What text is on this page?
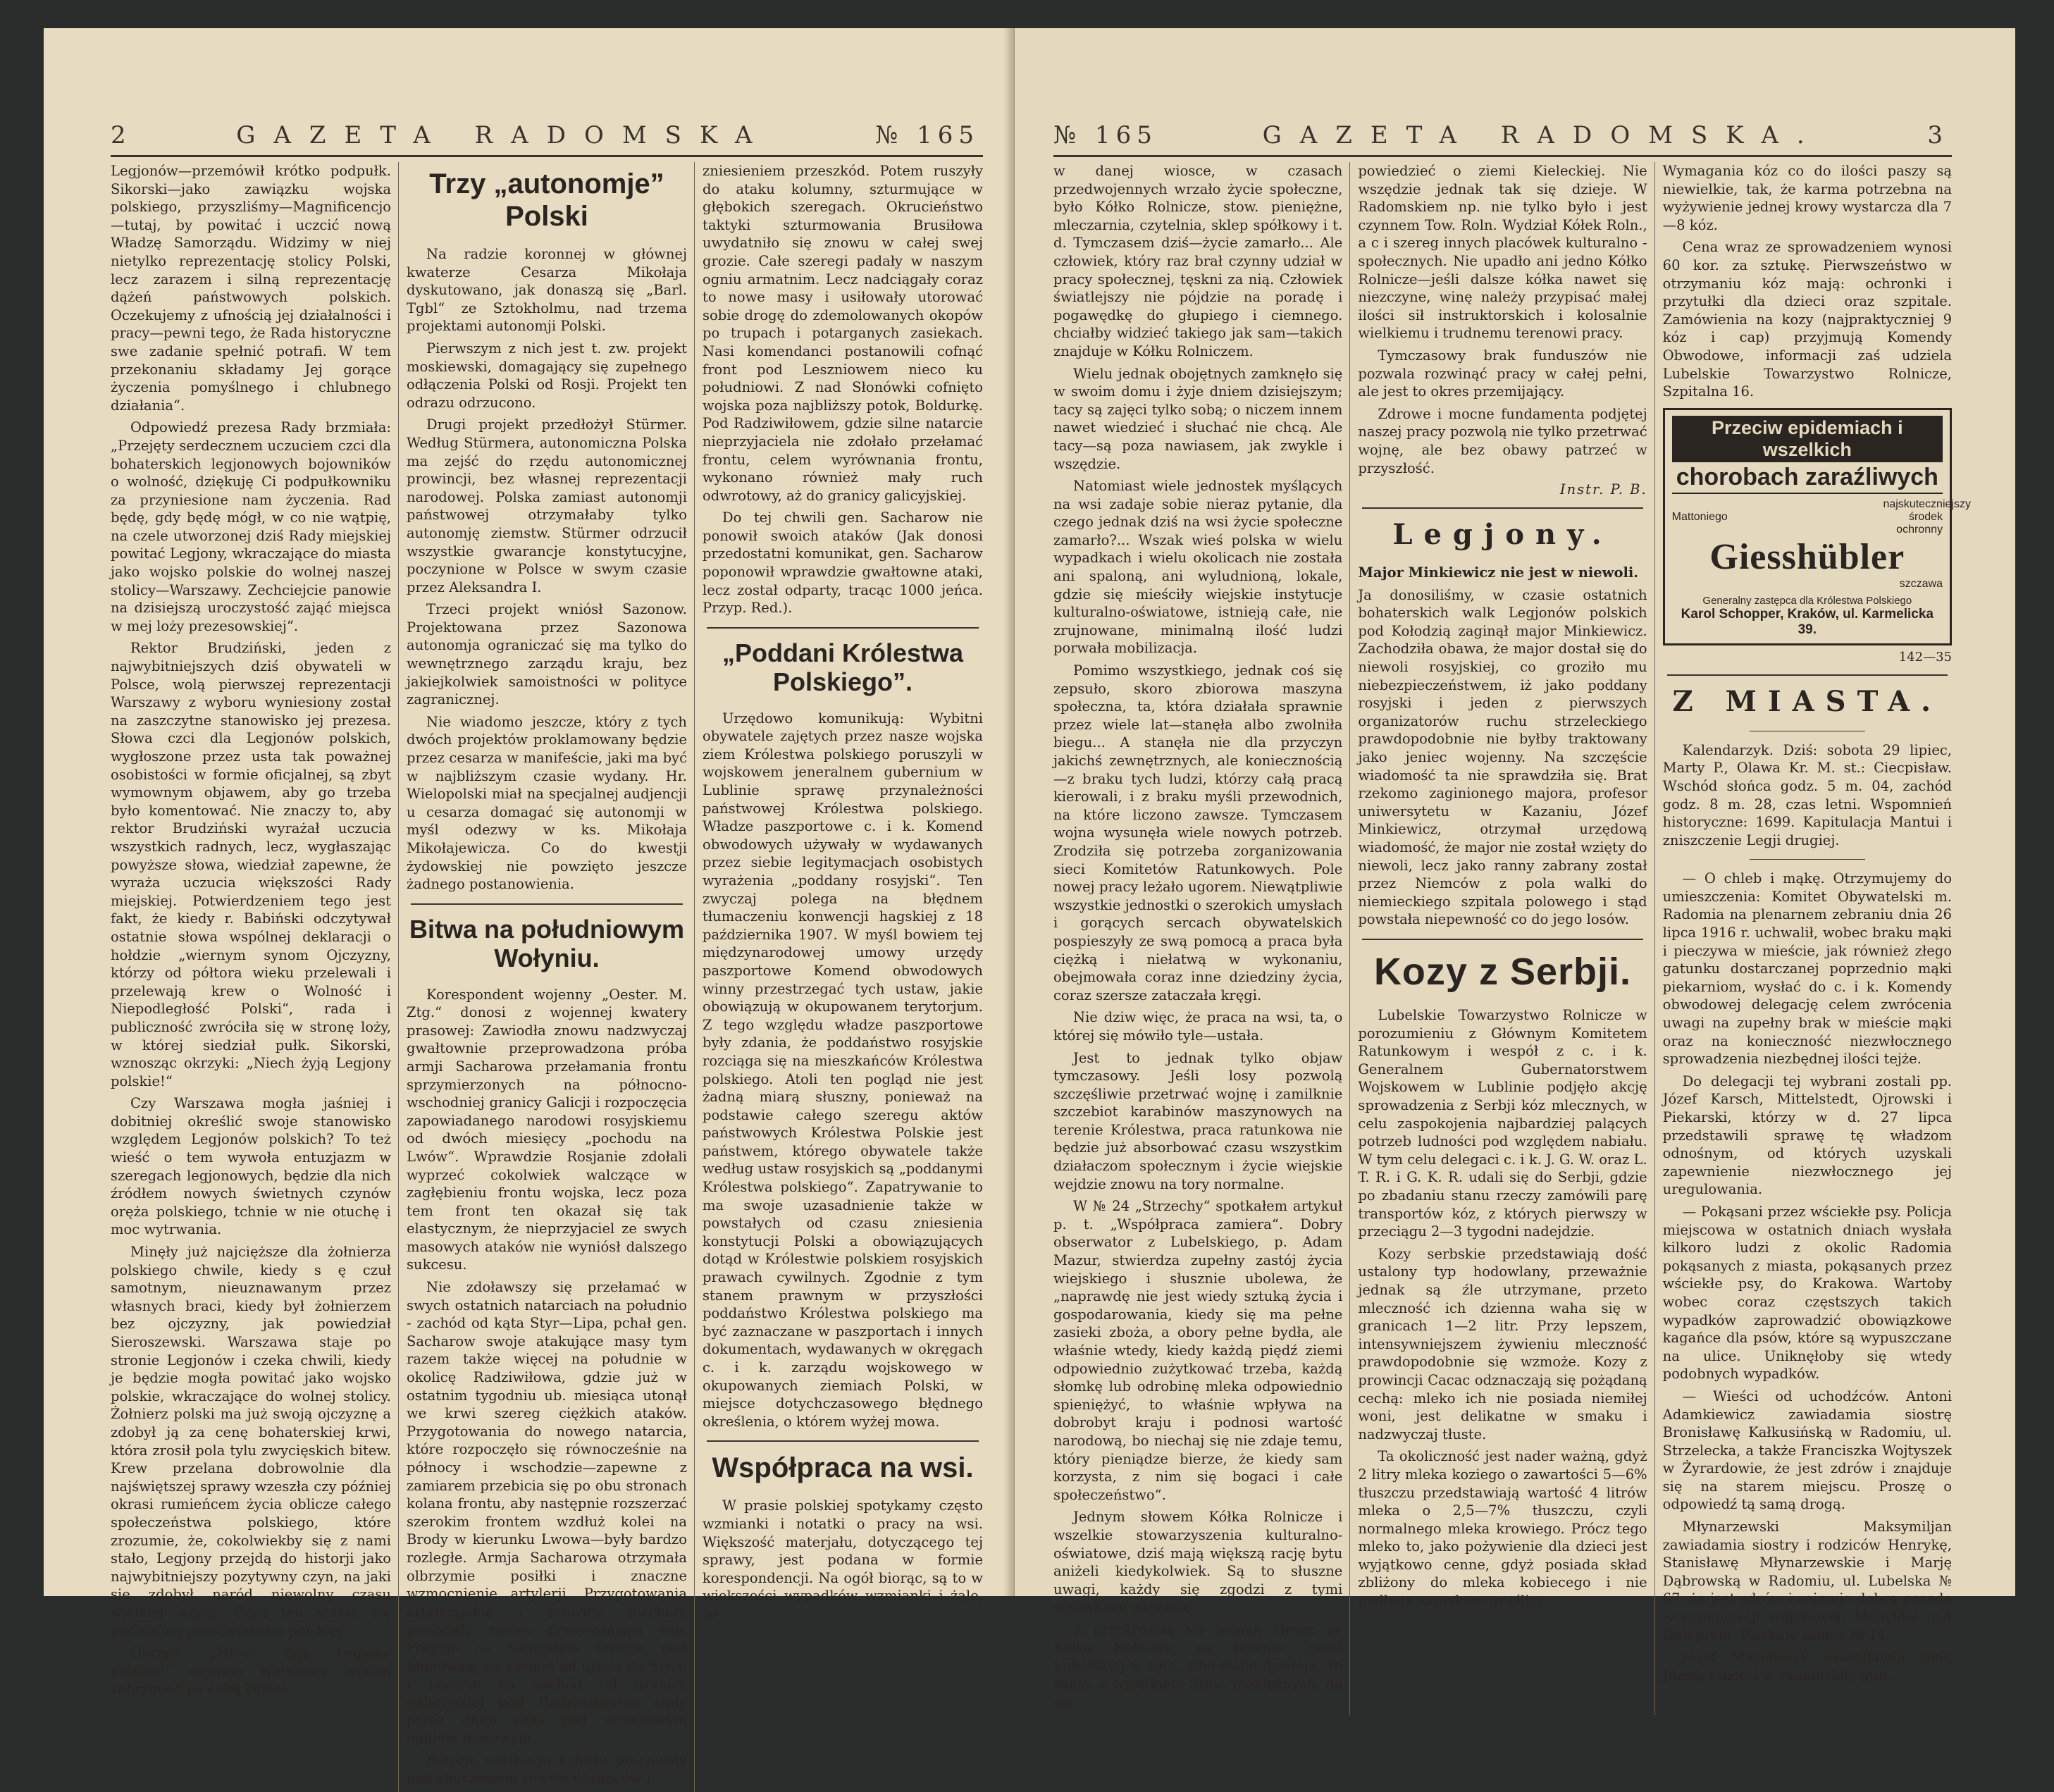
2	GAZETA RADOMSKA	№ 165

Legjonów—przemówił krótko podpułk. Sikorski—jako zawiązku wojska polskiego, przyszliśmy—Magnificencjo—tutaj, by powitać i uczcić nową Władzę Samorządu. Widzimy w niej nietylko reprezentację stolicy Polski, lecz zarazem i silną reprezentację dążeń państwowych polskich. Oczekujemy z ufnością jej działalności i pracy—pewni tego, że Rada historyczne swe zadanie spełnić potrafi. W tem przekonaniu składamy Jej gorące życzenia pomyślnego i chlubnego działania“.

Odpowiedź prezesa Rady brzmiała: „Przejęty serdecznem uczuciem czci dla bohaterskich legjonowych bojowników o wolność, dziękuję Ci podpułkowniku za przyniesione nam życzenia. Rad będę, gdy będę mógł, w co nie wątpię, na czele utworzonej dziś Rady miejskiej powitać Legjony, wkraczające do miasta jako wojsko polskie do wolnej naszej stolicy—Warszawy. Zechciejcie panowie na dzisiejszą uroczystość zająć miejsca w mej loży prezesowskiej“.

Rektor Brudziński, jeden z najwybitniejszych dziś obywateli w Polsce, wolą pierwszej reprezentacji Warszawy z wyboru wyniesiony został na zaszczytne stanowisko jej prezesa. Słowa czci dla Legjonów polskich, wygłoszone przez usta tak poważnej osobistości w formie oficjalnej, są zbyt wymownym objawem, aby go trzeba było komentować. Nie znaczy to, aby rektor Brudziński wyrażał uczucia wszystkich radnych, lecz, wygłaszając powyższe słowa, wiedział zapewne, że wyraża uczucia większości Rady miejskiej. Potwierdzeniem tego jest fakt, że kiedy r. Babiński odczytywał ostatnie słowa wspólnej deklaracji o hołdzie „wiernym synom Ojczyzny, którzy od półtora wieku przelewali i przelewają krew o Wolność i Niepodległość Polski“, rada i publiczność zwróciła się w stronę loży, w której siedział pułk. Sikorski, wznosząc okrzyki: „Niech żyją Legjony polskie!“

Czy Warszawa mogła jaśniej i dobitniej określić swoje stanowisko względem Legjonów polskich? To też wieść o tem wywoła entuzjazm w szeregach legjonowych, będzie dla nich źródłem nowych świetnych czynów oręża polskiego, tchnie w nie otuchę i moc wytrwania.

Minęły już najcięższe dla żołnierza polskiego chwile, kiedy s ę czuł samotnym, nieuznawanym przez własnych braci, kiedy był żołnierzem bez ojczyzny, jak powiedział Sieroszewski. Warszawa staje po stronie Legjonów i czeka chwili, kiedy je będzie mogła powitać jako wojsko polskie, wkraczające do wolnej stolicy. Żołnierz polski ma już swoją ojczyznę a zdobył ją za cenę bohaterskiej krwi, która zrosił pola tylu zwycięskich bitew. Krew przelana dobrowolnie dla najświętszej sprawy wzeszła czy później okrasi rumieńcem życia oblicze całego społeczeństwa polskiego, które zrozumie, że, cokolwiekby się z nami stało, Legjony przejdą do historji jako najwybitniejszy pozytywny czyn, na jaki się zdobył naród niewolny czasu wielkiej wojny. Czyn ten stanie się podwaliną państwowości polskiej.

Okrzyk: „Niech żyją Legjony polskie!“ wzorem Warszawy winien zabrzmieć po całej Polsce.

Trzy „autonomje” Polski

Na radzie koronnej w głównej kwaterze Cesarza Mikołaja dyskutowano, jak donaszą się „Barl. Tgbl“ ze Sztokholmu, nad trzema projektami autonomji Polski.

Pierwszym z nich jest t. zw. projekt moskiewski, domagający się zupełnego odłączenia Polski od Rosji. Projekt ten odrazu odrzucono.

Drugi projekt przedłożył Stürmer. Według Stürmera, autonomiczna Polska ma zejść do rzędu autonomicznej prowincji, bez własnej reprezentacji narodowej. Polska zamiast autonomji państwowej otrzymałaby tylko autonomję ziemstw. Stürmer odrzucił wszystkie gwarancje konstytucyjne, poczynione w Polsce w swym czasie przez Aleksandra I.

Trzeci projekt wniósł Sazonow. Projektowana przez Sazonowa autonomja ograniczać się ma tylko do wewnętrznego zarządu kraju, bez jakiejkolwiek samoistności w polityce zagranicznej.

Nie wiadomo jeszcze, który z tych dwóch projektów proklamowany będzie przez cesarza w manifeście, jaki ma być w najbliższym czasie wydany. Hr. Wielopolski miał na specjalnej audjencji u cesarza domagać się autonomji w myśl odezwy w ks. Mikołaja Mikołajewicza. Co do kwestji żydowskiej nie powzięto jeszcze żadnego postanowienia.

Bitwa na południowym Wołyniu.

Korespondent wojenny „Oester. M. Ztg.“ donosi z wojennej kwatery prasowej: Zawiodła znowu nadzwyczaj gwałtownie przeprowadzona próba armji Sacharowa przełamania frontu sprzymierzonych na północno-wschodniej granicy Galicji i rozpoczęcia zapowiadanego narodowi rosyjskiemu od dwóch miesięcy „pochodu na Lwów“. Wprawdzie Rosjanie zdołali wyprzeć cokolwiek walczące w zagłębieniu frontu wojska, lecz poza tem front ten okazał się tak elastycznym, że nieprzyjaciel ze swych masowych ataków nie wyniósł dalszego sukcesu.

Nie zdoławszy się przełamać w swych ostatnich natarciach na południo - zachód od kąta Styr—Lipa, pchał gen. Sacharow swoje atakujące masy tym razem także więcej na południe w okolicę Radziwiłowa, gdzie już w ostatnim tygodniu ub. miesiąca utonął we krwi szereg ciężkich ataków. Przygotowania do nowego natarcia, które rozpoczęło się równocześnie na północy i wschodzie—zapewne z zamiarem przebicia się po obu stronach kolana frontu, aby następnie rozszerzać szerokim frontem wzdłuż kolei na Brody w kierunku Lwowa—były bardzo rozległe. Armja Sacharowa otrzymała olbrzymie posiłki i znaczne wzmocnienie artylerji. Przygotowania artyleryjskie i szturmy piechoty posiadały znowu przeważającą siłę. Pozycje na bagnistym terenie nad Słonówką, na zachód od ujścia do Styru i pozycje na zachód od granicy galicyjskiej pod Radziwiłowem stały przez długi czas pod straszliwym ogniem masowym.

Baterje wielkiego kolibru pracowały nad zburzeniem rowów obrońców i

zniesieniem przeszkód. Potem ruszyły do ataku kolumny, szturmujące w głębokich szeregach. Okrucieństwo taktyki szturmowania Brusiłowa uwydatniło się znowu w całej swej grozie. Całe szeregi padały w naszym ogniu armatnim. Lecz nadciągały coraz to nowe masy i usiłowały utorować sobie drogę do zdemolowanych okopów po trupach i potarganych zasiekach. Nasi komendanci postanowili cofnąć front pod Leszniowem nieco ku południowi. Z nad Słonówki cofnięto wojska poza najbliższy potok, Boldurkę. Pod Radziwiłowem, gdzie silne natarcie nieprzyjaciela nie zdołało przełamać frontu, celem wyrównania frontu, wykonano również mały ruch odwrotowy, aż do granicy galicyjskiej.

Do tej chwili gen. Sacharow nie ponowił swoich ataków (Jak donosi przedostatni komunikat, gen. Sacharow poponowił wprawdzie gwałtowne ataki, lecz został odparty, tracąc 1000 jeńca. Przyp. Red.).

„Poddani Królestwa Polskiego”.

Urzędowo komunikują: Wybitni obywatele zajętych przez nasze wojska ziem Królestwa polskiego poruszyli w wojskowem jeneralnem gubernium w Lublinie sprawę przynależności państwowej Królestwa polskiego. Władze paszportowe c. i k. Komend obwodowych używały w wydawanych przez siebie legitymacjach osobistych wyrażenia „poddany rosyjski“. Ten zwyczaj polega na błędnem tłumaczeniu konwencji hagskiej z 18 października 1907. W myśl bowiem tej międzynarodowej umowy urzędy paszportowe Komend obwodowych winny przestrzegać tych ustaw, jakie obowiązują w okupowanem terytorjum. Z tego względu władze paszportowe były zdania, że poddaństwo rosyjskie rozciąga się na mieszkańców Królestwa polskiego. Atoli ten pogląd nie jest żadną miarą słuszny, ponieważ na podstawie całego szeregu aktów państwowych Królestwa Polskie jest państwem, którego obywatele także według ustaw rosyjskich są „poddanymi Królestwa polskiego“. Zapatrywanie to ma swoje uzasadnienie także w powstałych od czasu zniesienia konstytucji Polski a obowiązujących dotąd w Królestwie polskiem rosyjskich prawach cywilnych. Zgodnie z tym stanem prawnym w przyszłości poddaństwo Królestwa polskiego ma być zaznaczane w paszportach i innych dokumentach, wydawanych w okręgach c. i k. zarządu wojskowego w okupowanych ziemiach Polski, w miejsce dotychczasowego błędnego określenia, o którem wyżej mowa.

Współpraca na wsi.

W prasie polskiej spotykamy często wzmianki i notatki o pracy na wsi. Większość materjału, dotyczącego tej sprawy, jest podana w formie korespondencji. Na ogół biorąc, są to w większości wypadków wzmianki i żale, że

№ 165	GAZETA RADOMSKA.	3

w danej wiosce, w czasach przedwojennych wrzało życie społeczne, było Kółko Rolnicze, stow. pieniężne, mleczarnia, czytelnia, sklep spółkowy i t. d. Tymczasem dziś—życie zamarło... Ale człowiek, który raz brał czynny udział w pracy społecznej, tęskni za nią. Człowiek światlejszy nie pójdzie na poradę i pogawędkę do głupiego i ciemnego. chciałby widzieć takiego jak sam—takich znajduje w Kółku Rolniczem.

Wielu jednak obojętnych zamknęło się w swoim domu i żyje dniem dzisiejszym; tacy są zajęci tylko sobą; o niczem innem nawet wiedzieć i słuchać nie chcą. Ale tacy—są poza nawiasem, jak zwykle i wszędzie.

Natomiast wiele jednostek myślących na wsi zadaje sobie nieraz pytanie, dla czego jednak dziś na wsi życie społeczne zamarło?... Wszak wieś polska w wielu wypadkach i wielu okolicach nie została ani spaloną, ani wyludnioną, lokale, gdzie się mieściły wiejskie instytucje kulturalno-oświatowe, istnieją całe, nie zrujnowane, minimalną ilość ludzi porwała mobilizacja.

Pomimo wszystkiego, jednak coś się zepsuło, skoro zbiorowa maszyna społeczna, ta, która działała sprawnie przez wiele lat—stanęła albo zwolniła biegu... A stanęła nie dla przyczyn jakichś zewnętrznych, ale koniecznością—z braku tych ludzi, którzy całą pracą kierowali, i z braku myśli przewodnich, na które liczono zawsze. Tymczasem wojna wysunęła wiele nowych potrzeb. Zrodziła się potrzeba zorganizowania sieci Komitetów Ratunkowych. Pole nowej pracy leżało ugorem. Niewątpliwie wszystkie jednostki o szerokich umysłach i gorących sercach obywatelskich pospieszyły ze swą pomocą a praca była ciężką i niełatwą w wykonaniu, obejmowała coraz inne dziedziny życia, coraz szersze zataczała kręgi.

Nie dziw więc, że praca na wsi, ta, o której się mówiło tyle—ustała.

Jest to jednak tylko objaw tymczasowy. Jeśli losy pozwolą szczęśliwie przetrwać wojnę i zamilknie szczebiot karabinów maszynowych na terenie Królestwa, praca ratunkowa nie będzie już absorbować czasu wszystkim działaczom społecznym i życie wiejskie wejdzie znowu na tory normalne.

W № 24 „Strzechy“ spotkałem artykuł p. t. „Współpraca zamiera“. Dobry obserwator z Lubelskiego, p. Adam Mazur, stwierdza zupełny zastój życia wiejskiego i słusznie ubolewa, że „naprawdę nie jest wiedy sztuką życia i gospodarowania, kiedy się ma pełne zasieki zboża, a obory pełne bydła, ale właśnie wtedy, kiedy każdą piędź ziemi odpowiednio zużytkować trzeba, każdą słomkę lub odrobinę mleka odpowiednio spieniężyć, to właśnie wpływa na dobrobyt kraju i podnosi wartość narodową, bo niechaj się nie zdaje temu, który pieniądze bierze, że kiedy sam korzysta, z nim się bogaci i całe społeczeństwo“.

Jednym słowem Kółka Rolnicze i wszelkie stowarzyszenia kulturalno-oświatowe, dziś mają większą rację bytu aniżeli kiedykolwiek. Są to słuszne uwagi, każdy się zgodzi z tymi wnioskami zupełnie.

Z przykrością się jednak słyszy, że Kółka Rolnicze na terenie ziemi Lubelskiej w cale, albo słabo działają. To samo, z wyjątkiem Stow. pieniężnych, da się

powiedzieć o ziemi Kieleckiej. Nie wszędzie jednak tak się dzieje. W Radomskiem np. nie tylko było i jest czynnem Tow. Roln. Wydział Kółek Roln., a c i szereg innych placówek kulturalno - społecznych. Nie upadło ani jedno Kółko Rolnicze—jeśli dalsze kółka nawet się niezczyne, winę należy przypisać małej ilości sił instruktorskich i kolosalnie wielkiemu i trudnemu terenowi pracy.

Tymczasowy brak funduszów nie pozwala rozwinąć pracy w całej pełni, ale jest to okres przemijający.

Zdrowe i mocne fundamenta podjętej naszej pracy pozwolą nie tylko przetrwać wojnę, ale bez obawy patrzeć w przyszłość.

Instr. P. B.
Legjony.

Major Minkiewicz nie jest w niewoli.

Ja donosiliśmy, w czasie ostatnich bohaterskich walk Legjonów polskich pod Kołodzią zaginął major Minkiewicz. Zachodziła obawa, że major dostał się do niewoli rosyjskiej, co groziło mu niebezpieczeństwem, iż jako poddany rosyjski i jeden z pierwszych organizatorów ruchu strzeleckiego prawdopodobnie nie byłby traktowany jako jeniec wojenny. Na szczęście wiadomość ta nie sprawdziła się. Brat rzekomo zaginionego majora, profesor uniwersytetu w Kazaniu, Józef Minkiewicz, otrzymał urzędową wiadomość, że major nie został wzięty do niewoli, lecz jako ranny zabrany został przez Niemców z pola walki do niemieckiego szpitala polowego i stąd powstała niepewność co do jego losów.

Kozy z Serbji.

Lubelskie Towarzystwo Rolnicze w porozumieniu z Głównym Komitetem Ratunkowym i wespół z c. i k. Generalnem Gubernatorstwem Wojskowem w Lublinie podjęło akcję sprowadzenia z Serbji kóz mlecznych, w celu zaspokojenia najbardziej palących potrzeb ludności pod względem nabiału. W tym celu delegaci c. i k. J. G. W. oraz L. T. R. i G. K. R. udali się do Serbji, gdzie po zbadaniu stanu rzeczy zamówili parę transportów kóz, z których pierwszy w przeciągu 2—3 tygodni nadejdzie.

Kozy serbskie przedstawiają dość ustalony typ hodowlany, przeważnie jednak są źle utrzymane, przeto mleczność ich dzienna waha się w granicach 1—2 litr. Przy lepszem, intensywniejszem żywieniu mleczność prawdopodobnie się wzmoże. Kozy z prowincji Cacac odznaczają się pożądaną cechą: mleko ich nie posiada niemiłej woni, jest delikatne w smaku i nadzwyczaj tłuste.

Ta okoliczność jest nader ważną, gdyż 2 litry mleka koziego o zawartości 5—6% tłuszczu przedstawiają wartość 4 litrów mleka o 2,5—7% tłuszczu, czyli normalnego mleka krowiego. Prócz tego mleko to, jako pożywienie dla dzieci jest wyjątkowo cenne, gdyż posiada skład zbliżony do mleka kobiecego i nie podlega zarazkom gruźlicy.

Wymagania kóz co do ilości paszy są niewielkie, tak, że karma potrzebna na wyżywienie jednej krowy wystarcza dla 7—8 kóz.

Cena wraz ze sprowadzeniem wynosi 60 kor. za sztukę. Pierwszeństwo w otrzymaniu kóz mają: ochronki i przytułki dla dzieci oraz szpitale. Zamówienia na kozy (najpraktyczniej 9 kóz i cap) przyjmują Komendy Obwodowe, informacji zaś udziela Lubelskie Towarzystwo Rolnicze, Szpitalna 16.

Przeciw epidemiach i wszelkich
chorobach zaraźliwych
Mattoniego
najskuteczniejszy środek ochronny
Giesshübler
szczawa
Generalny zastępca dla Królestwa Polskiego
Karol Schopper, Kraków, ul. Karmelicka 39.
142—35
Z MIASTA.

Kalendarzyk. Dziś: sobota 29 lipiec, Marty P., Olawa Kr. M. st.: Ciecpisław. Wschód słońca godz. 5 m. 04, zachód godz. 8 m. 28, czas letni. Wspomnień historyczne: 1699. Kapitulacja Mantui i zniszczenie Legji drugiej.

— O chleb i mąkę. Otrzymujemy do umieszczenia: Komitet Obywatelski m. Radomia na plenarnem zebraniu dnia 26 lipca 1916 r. uchwalił, wobec braku mąki i pieczywa w mieście, jak również złego gatunku dostarczanej poprzednio mąki piekarniom, wysłać do c. i k. Komendy obwodowej delegację celem zwrócenia uwagi na zupełny brak w mieście mąki oraz na konieczność niezwłocznego sprowadzenia niezbędnej ilości tejże.

Do delegacji tej wybrani zostali pp. Józef Karsch, Mittelstedt, Ojrowski i Piekarski, którzy w d. 27 lipca przedstawili sprawę tę władzom odnośnym, od których uzyskali zapewnienie niezwłocznego jej uregulowania.

— Pokąsani przez wściekłe psy. Policja miejscowa w ostatnich dniach wysłała kilkoro ludzi z okolic Radomia pokąsanych z miasta, pokąsanych przez wściekłe psy, do Krakowa. Wartoby wobec coraz częstszych takich wypadków zaprowadzić obowiązkowe kagańce dla psów, które są wypuszczane na ulice. Uniknęłoby się wtedy podobnych wypadków.

— Wieści od uchodźców. Antoni Adamkiewicz zawiadamia siostrę Bronisławę Kałkusińską w Radomiu, ul. Strzelecka, a także Franciszka Wojtyszek w Żyrardowie, że jest zdrów i znajduje się na starem miejscu. Proszę o odpowiedź tą samą drogą.

Młynarzewski Maksymiljan zawiadamia siostry i rodziców Henrykę, Stanisławę Młynarzewskie i Marję Dąbrowską w Radomiu, ul. Lubelska № 67, że jest zdrów i zajmuje dobrą posadę w organizacji wojskowej. Mohylów nad Dnieprem, Piszkow zaułek № 14.

Józef Maciałczyk zawiadamia żonę Józefę i dzieci w radomskiej gub.,
